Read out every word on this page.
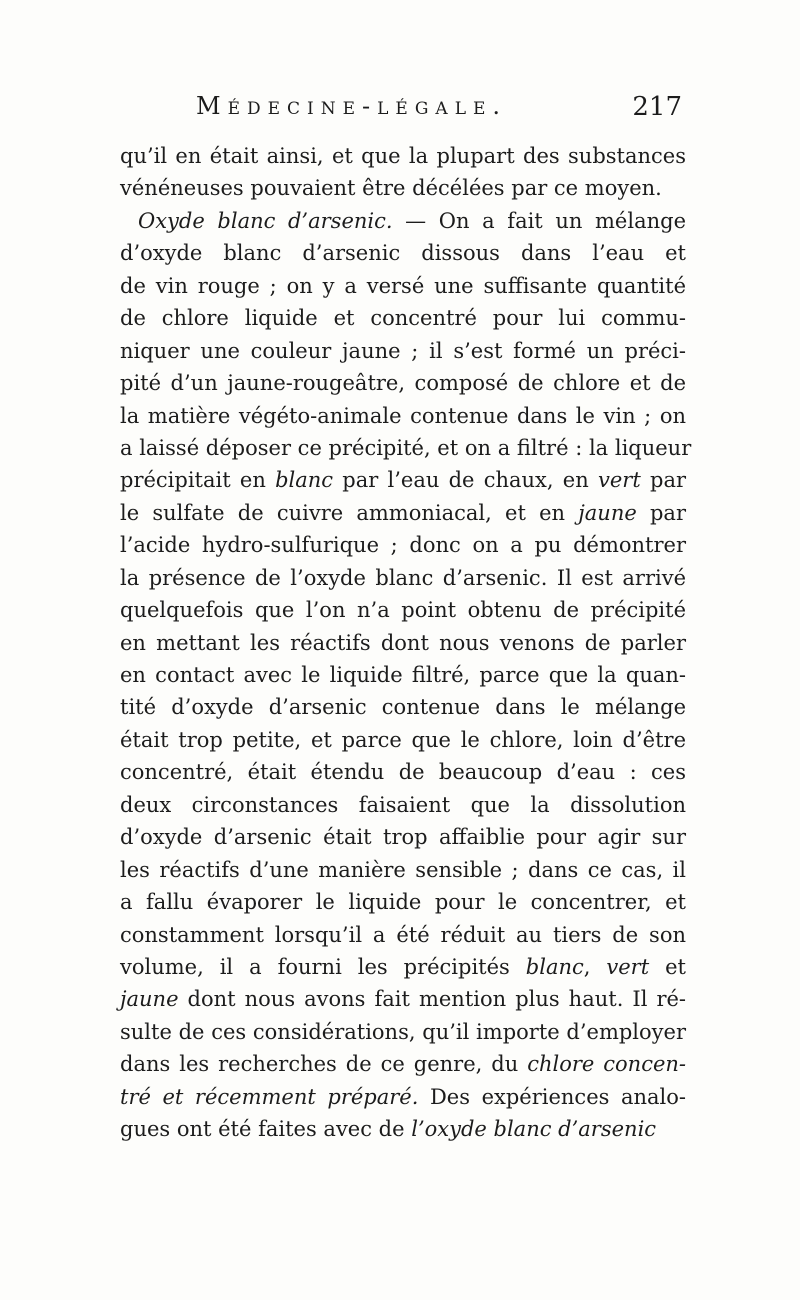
Médecine-légale.	217
qu’il en était ainsi, et que la plupart des substances
vénéneuses pouvaient être décélées par ce moyen.
Oxyde blanc d’arsenic. — On a fait un mélange
d’oxyde blanc d’arsenic dissous dans l’eau et
de vin rouge ; on y a versé une suffisante quantité
de chlore liquide et concentré pour lui commu-
niquer une couleur jaune ; il s’est formé un préci-
pité d’un jaune-rougeâtre, composé de chlore et de
la matière végéto-animale contenue dans le vin ; on
a laissé déposer ce précipité, et on a filtré : la liqueur
précipitait en blanc par l’eau de chaux, en vert par
le sulfate de cuivre ammoniacal, et en jaune par
l’acide hydro-sulfurique ; donc on a pu démontrer
la présence de l’oxyde blanc d’arsenic. Il est arrivé
quelquefois que l’on n’a point obtenu de précipité
en mettant les réactifs dont nous venons de parler
en contact avec le liquide filtré, parce que la quan-
tité d’oxyde d’arsenic contenue dans le mélange
était trop petite, et parce que le chlore, loin d’être
concentré, était étendu de beaucoup d’eau : ces
deux circonstances faisaient que la dissolution
d’oxyde d’arsenic était trop affaiblie pour agir sur
les réactifs d’une manière sensible ; dans ce cas, il
a fallu évaporer le liquide pour le concentrer, et
constamment lorsqu’il a été réduit au tiers de son
volume, il a fourni les précipités blanc, vert et
jaune dont nous avons fait mention plus haut. Il ré-
sulte de ces considérations, qu’il importe d’employer
dans les recherches de ce genre, du chlore concen-
tré et récemment préparé. Des expériences analo-
gues ont été faites avec de l’oxyde blanc d’arsenic
